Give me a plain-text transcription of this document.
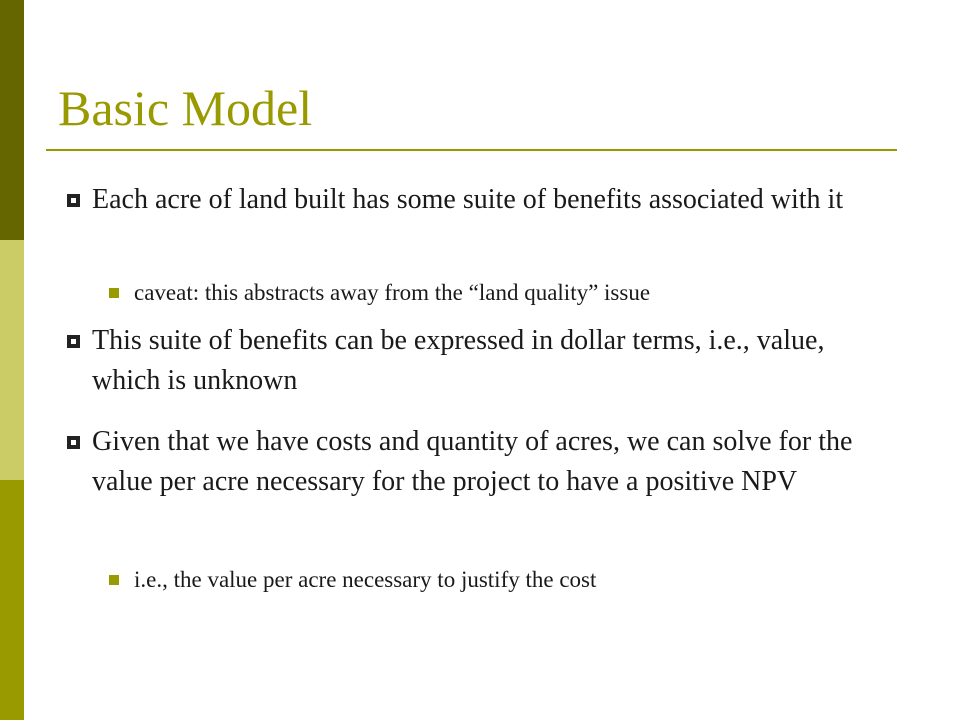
Basic Model
Each acre of land built has some suite of benefits associated with it
caveat: this abstracts away from the “land quality” issue
This suite of benefits can be expressed in dollar terms, i.e., value, which is unknown
Given that we have costs and quantity of acres, we can solve for the value per acre necessary for the project to have a positive NPV
i.e., the value per acre necessary to justify the cost
